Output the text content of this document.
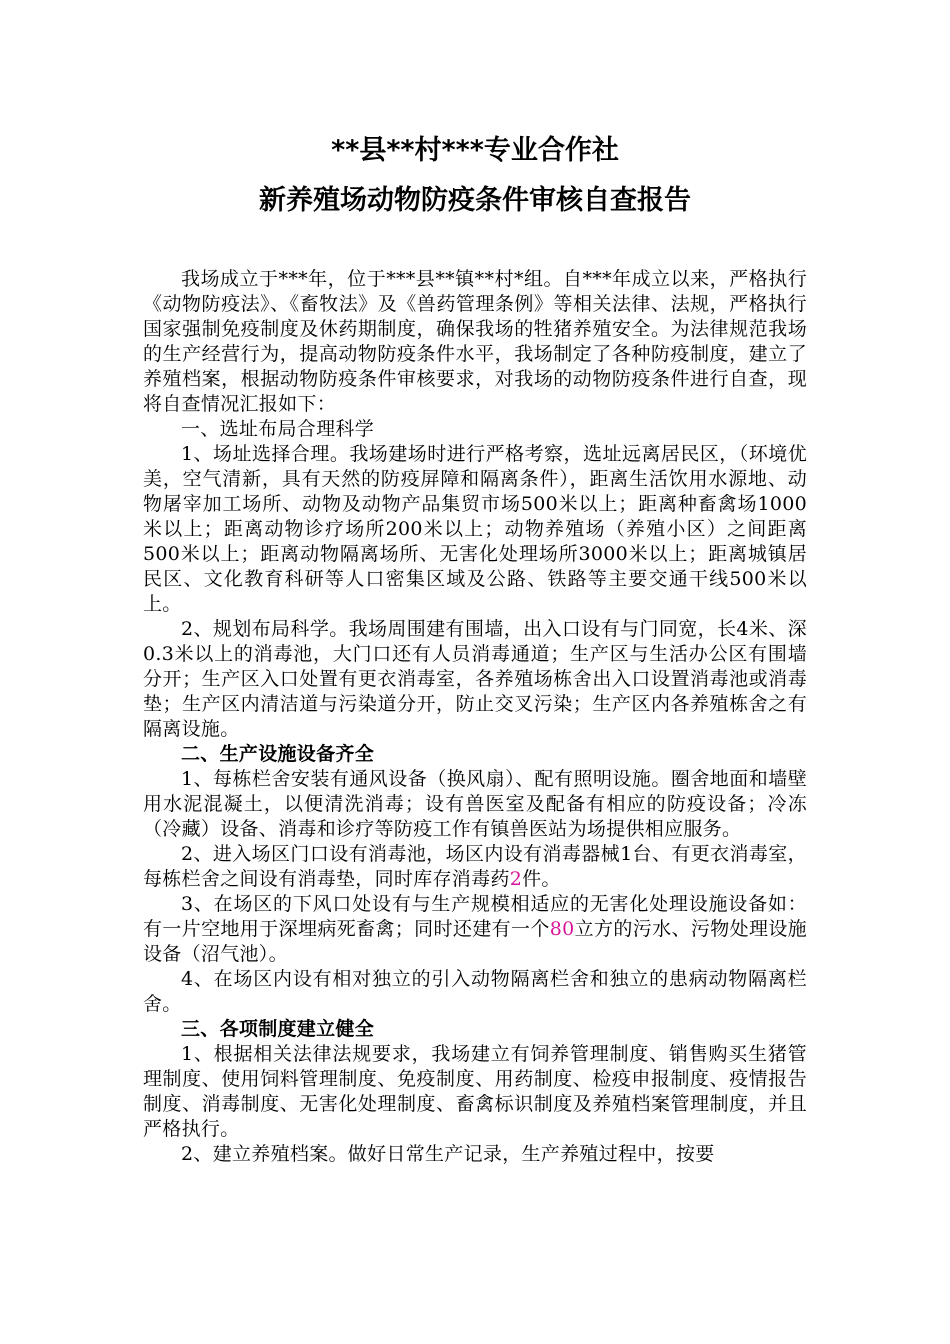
**县**村***专业合作社
新养殖场动物防疫条件审核自查报告

我场成立于***年，位于***县**镇**村*组。自***年成立以来，严格执行《动物防疫法》、《畜牧法》及《兽药管理条例》等相关法律、法规，严格执行国家强制免疫制度及休药期制度，确保我场的牲猪养殖安全。为法律规范我场的生产经营行为，提高动物防疫条件水平，我场制定了各种防疫制度，建立了养殖档案，根据动物防疫条件审核要求，对我场的动物防疫条件进行自查，现将自查情况汇报如下：

一、选址布局合理科学

1、场址选择合理。我场建场时进行严格考察，选址远离居民区，（环境优美，空气清新，具有天然的防疫屏障和隔离条件），距离生活饮用水源地、动物屠宰加工场所、动物及动物产品集贸市场500米以上；距离种畜禽场1000米以上；距离动物诊疗场所200米以上；动物养殖场（养殖小区）之间距离500米以上；距离动物隔离场所、无害化处理场所3000米以上；距离城镇居民区、文化教育科研等人口密集区域及公路、铁路等主要交通干线500米以上。

2、规划布局科学。我场周围建有围墙，出入口设有与门同宽，长4米、深0.3米以上的消毒池，大门口还有人员消毒通道；生产区与生活办公区有围墙分开；生产区入口处置有更衣消毒室，各养殖场栋舍出入口设置消毒池或消毒垫；生产区内清洁道与污染道分开，防止交叉污染；生产区内各养殖栋舍之有隔离设施。

二、生产设施设备齐全

1、每栋栏舍安装有通风设备（换风扇）、配有照明设施。圈舍地面和墙壁用水泥混凝土，以便清洗消毒；设有兽医室及配备有相应的防疫设备；冷冻（冷藏）设备、消毒和诊疗等防疫工作有镇兽医站为场提供相应服务。

2、进入场区门口设有消毒池，场区内设有消毒器械1台、有更衣消毒室，每栋栏舍之间设有消毒垫，同时库存消毒药2件。

3、在场区的下风口处设有与生产规模相适应的无害化处理设施设备如：有一片空地用于深埋病死畜禽；同时还建有一个80立方的污水、污物处理设施设备（沼气池）。

4、在场区内设有相对独立的引入动物隔离栏舍和独立的患病动物隔离栏舍。

三、各项制度建立健全

1、根据相关法律法规要求，我场建立有饲养管理制度、销售购买生猪管理制度、使用饲料管理制度、免疫制度、用药制度、检疫申报制度、疫情报告制度、消毒制度、无害化处理制度、畜禽标识制度及养殖档案管理制度，并且严格执行。

2、建立养殖档案。做好日常生产记录，生产养殖过程中，按要
